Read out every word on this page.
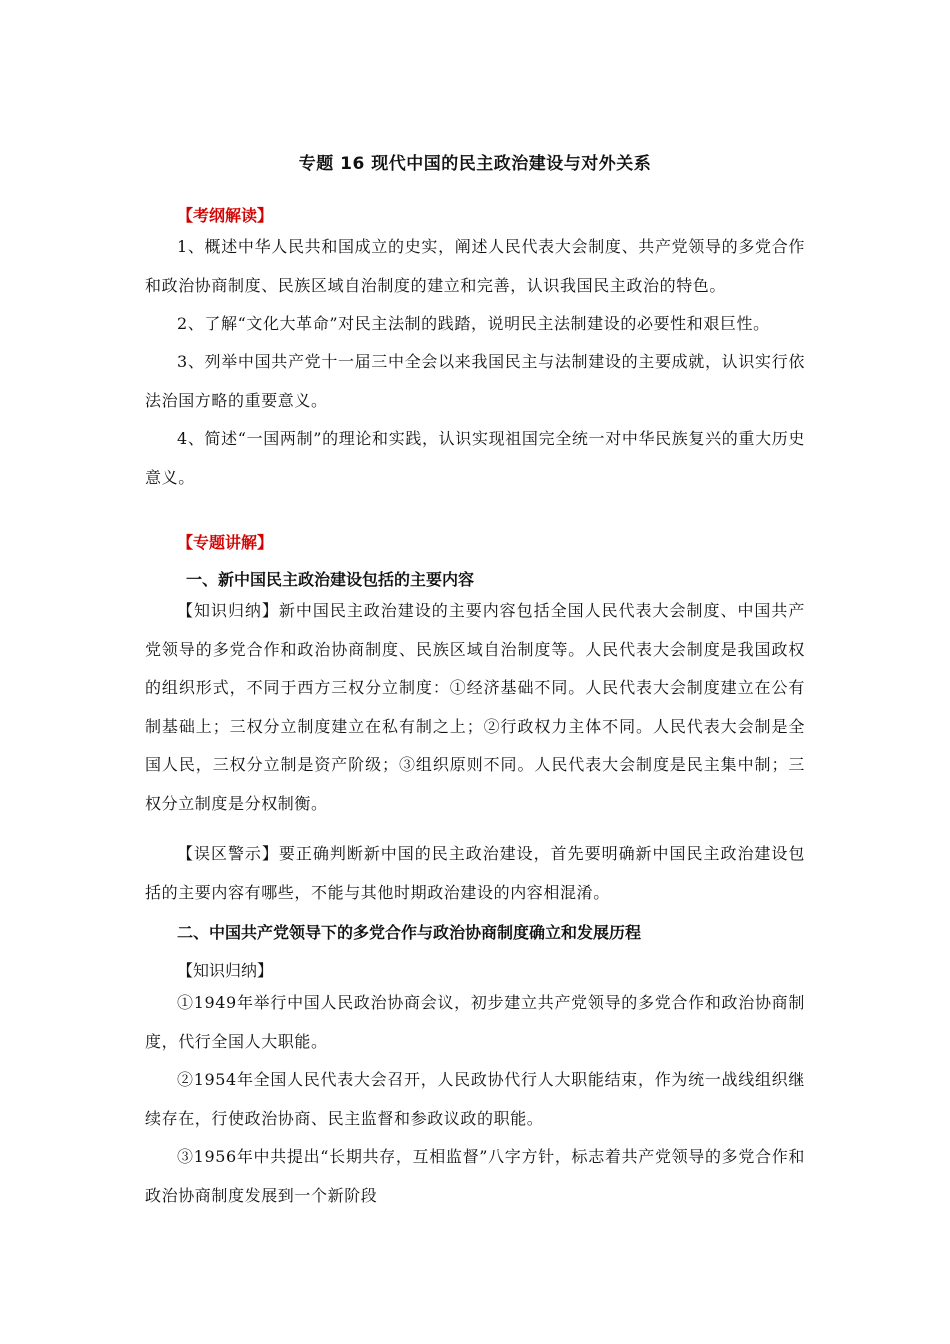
专题 16 现代中国的民主政治建设与对外关系
【考纲解读】

1、概述中华人民共和国成立的史实，阐述人民代表大会制度、共产党领导的多党合作和政治协商制度、民族区域自治制度的建立和完善，认识我国民主政治的特色。

2、了解“文化大革命”对民主法制的践踏，说明民主法制建设的必要性和艰巨性。

3、列举中国共产党十一届三中全会以来我国民主与法制建设的主要成就，认识实行依法治国方略的重要意义。

4、简述“一国两制”的理论和实践，认识实现祖国完全统一对中华民族复兴的重大历史意义。

【专题讲解】
一、新中国民主政治建设包括的主要内容

【知识归纳】新中国民主政治建设的主要内容包括全国人民代表大会制度、中国共产党领导的多党合作和政治协商制度、民族区域自治制度等。人民代表大会制度是我国政权的组织形式，不同于西方三权分立制度：①经济基础不同。人民代表大会制度建立在公有制基础上；三权分立制度建立在私有制之上；②行政权力主体不同。人民代表大会制是全国人民，三权分立制是资产阶级；③组织原则不同。人民代表大会制度是民主集中制；三权分立制度是分权制衡。

【误区警示】要正确判断新中国的民主政治建设，首先要明确新中国民主政治建设包括的主要内容有哪些，不能与其他时期政治建设的内容相混淆。

二、中国共产党领导下的多党合作与政治协商制度确立和发展历程
【知识归纳】

①1949年举行中国人民政治协商会议，初步建立共产党领导的多党合作和政治协商制度，代行全国人大职能。

②1954年全国人民代表大会召开，人民政协代行人大职能结束，作为统一战线组织继续存在，行使政治协商、民主监督和参政议政的职能。

③1956年中共提出“长期共存，互相监督”八字方针，标志着共产党领导的多党合作和政治协商制度发展到一个新阶段
